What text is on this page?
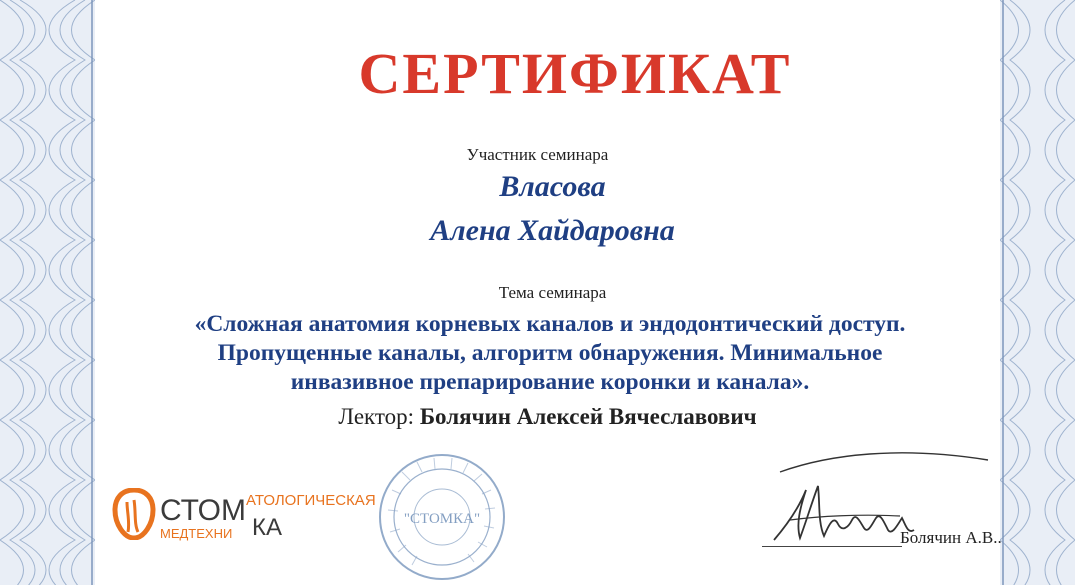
СЕРТИФИКАТ
Участник семинара
Власова
Алена Хайдаровна
Тема семинара
«Сложная анатомия корневых каналов и эндодонтический доступ.
Пропущенные каналы, алгоритм обнаружения. Минимальное
инвазивное препарирование коронки и канала».
Лектор: Болячин Алексей Вячеславович
СТОМ АТОЛОГИЧЕСКАЯ
МЕДТЕХНИ КА	"СТОМКА"
Болячин А.В..
